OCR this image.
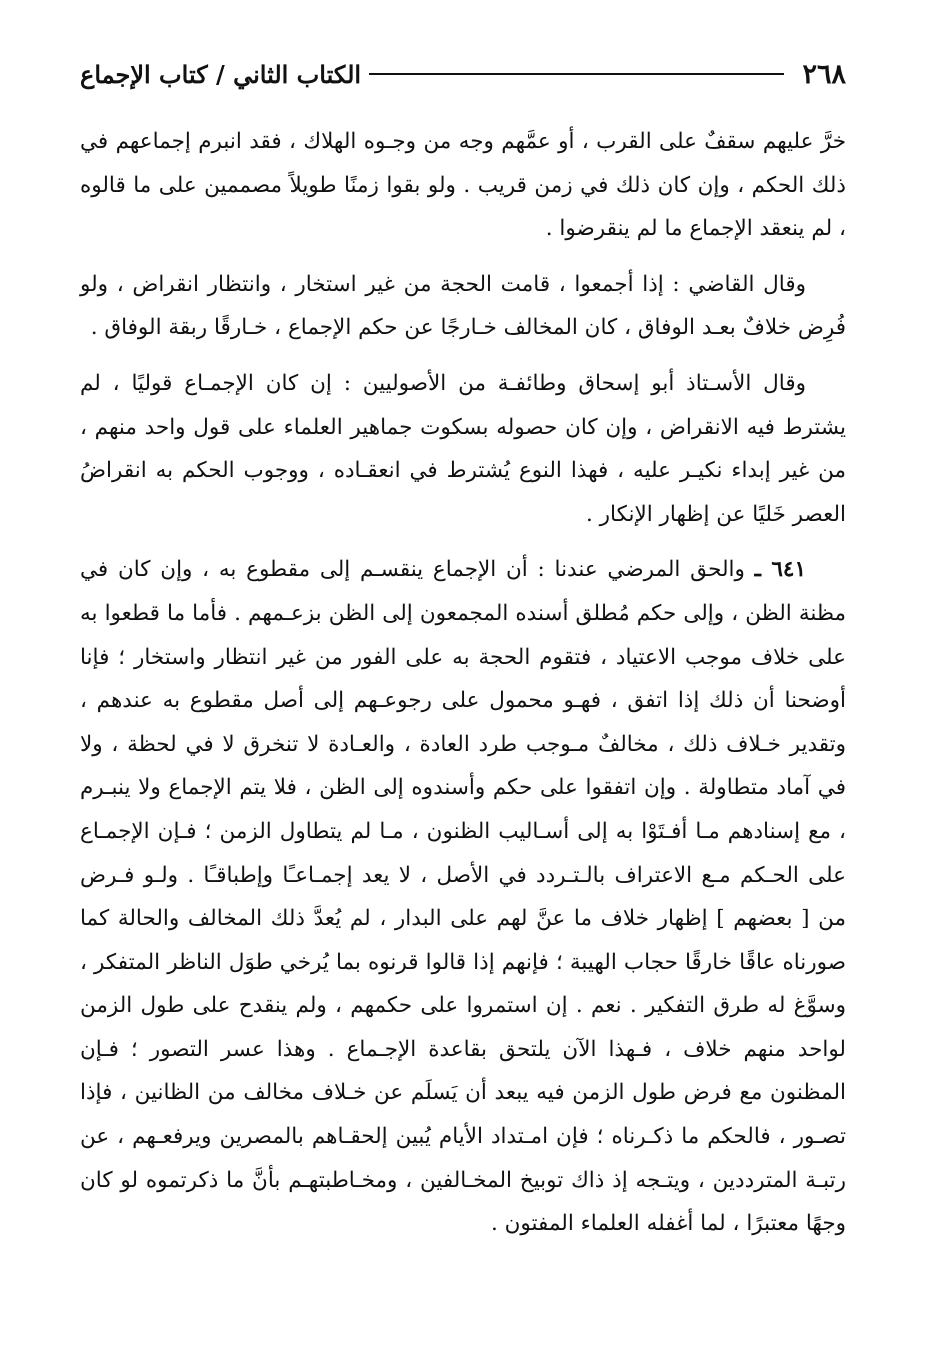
٢٦٨
الكتاب الثاني / كتاب الإجماع

خرَّ عليهم سقفٌ على القرب ، أو عمَّهم وجه من وجـوه الهلاك ، فقد انبرم إجماعهم في ذلك الحكم ، وإن كان ذلك في زمن قريب . ولو بقوا زمنًا طويلاً مصممين على ما قالوه ، لم ينعقد الإجماع ما لم ينقرضوا .

وقال القاضي : إذا أجمعوا ، قامت الحجة من غير استخار ، وانتظار انقراض ، ولو فُرِض خلافٌ بعـد الوفاق ، كان المخالف خـارجًا عن حكم الإجماع ، خـارقًا ربقة الوفاق .

وقال الأسـتاذ أبو إسحاق وطائفـة من الأصوليين : إن كان الإجمـاع قوليًا ، لم يشترط فيه الانقراض ، وإن كان حصوله بسكوت جماهير العلماء على قول واحد منهم ، من غير إبداء نكيـر عليه ، فهذا النوع يُشترط في انعقـاده ، ووجوب الحكم به انقراضُ العصر خَليًا عن إظهار الإنكار .

٦٤١ ـ والحق المرضي عندنا : أن الإجماع ينقسـم إلى مقطوع به ، وإن كان في مظنة الظن ، وإلى حكم مُطلق أسنده المجمعون إلى الظن بزعـمهم . فأما ما قطعوا به على خلاف موجب الاعتياد ، فتقوم الحجة به على الفور من غير انتظار واستخار ؛ فإنا أوضحنا أن ذلك إذا اتفق ، فهـو محمول على رجوعـهم إلى أصل مقطوع به عندهم ، وتقدير خـلاف ذلك ، مخالفٌ مـوجب طرد العادة ، والعـادة لا تنخرق لا في لحظة ، ولا في آماد متطاولة . وإن اتفقوا على حكم وأسندوه إلى الظن ، فلا يتم الإجماع ولا ينبـرم ، مع إسنادهم مـا أفـتَوْا به إلى أسـاليب الظنون ، مـا لم يتطاول الزمن ؛ فـإن الإجمـاع على الحـكم مـع الاعتراف بالـتـردد في الأصل ، لا يعد إجمـاعـًا وإطباقـًا . ولـو فـرض من [ بعضهم ] إظهار خلاف ما عنَّ لهم على البدار ، لم يُعدَّ ذلك المخالف والحالة كما صورناه عاقًا خارقًا حجاب الهيبة ؛ فإنهم إذا قالوا قرنوه بما يُرخي طوَل الناظر المتفكر ، وسوَّغ له طرق التفكير . نعم . إن استمروا على حكمهم ، ولم ينقدح على طول الزمن لواحد منهم خلاف ، فـهذا الآن يلتحق بقاعدة الإجـماع . وهذا عسر التصور ؛ فـإن المظنون مع فرض طول الزمن فيه يبعد أن يَسلَم عن خـلاف مخالف من الظانين ، فإذا تصـور ، فالحكم ما ذكـرناه ؛ فإن امـتداد الأيام يُبين إلحقـاهم بالمصرين ويرفعـهم ، عن رتبـة المترددين ، ويتـجه إذ ذاك توبيخ المخـالفين ، ومخـاطبتهـم بأنَّ ما ذكرتموه لو كان وجهًا معتبرًا ، لما أغفله العلماء المفتون .
